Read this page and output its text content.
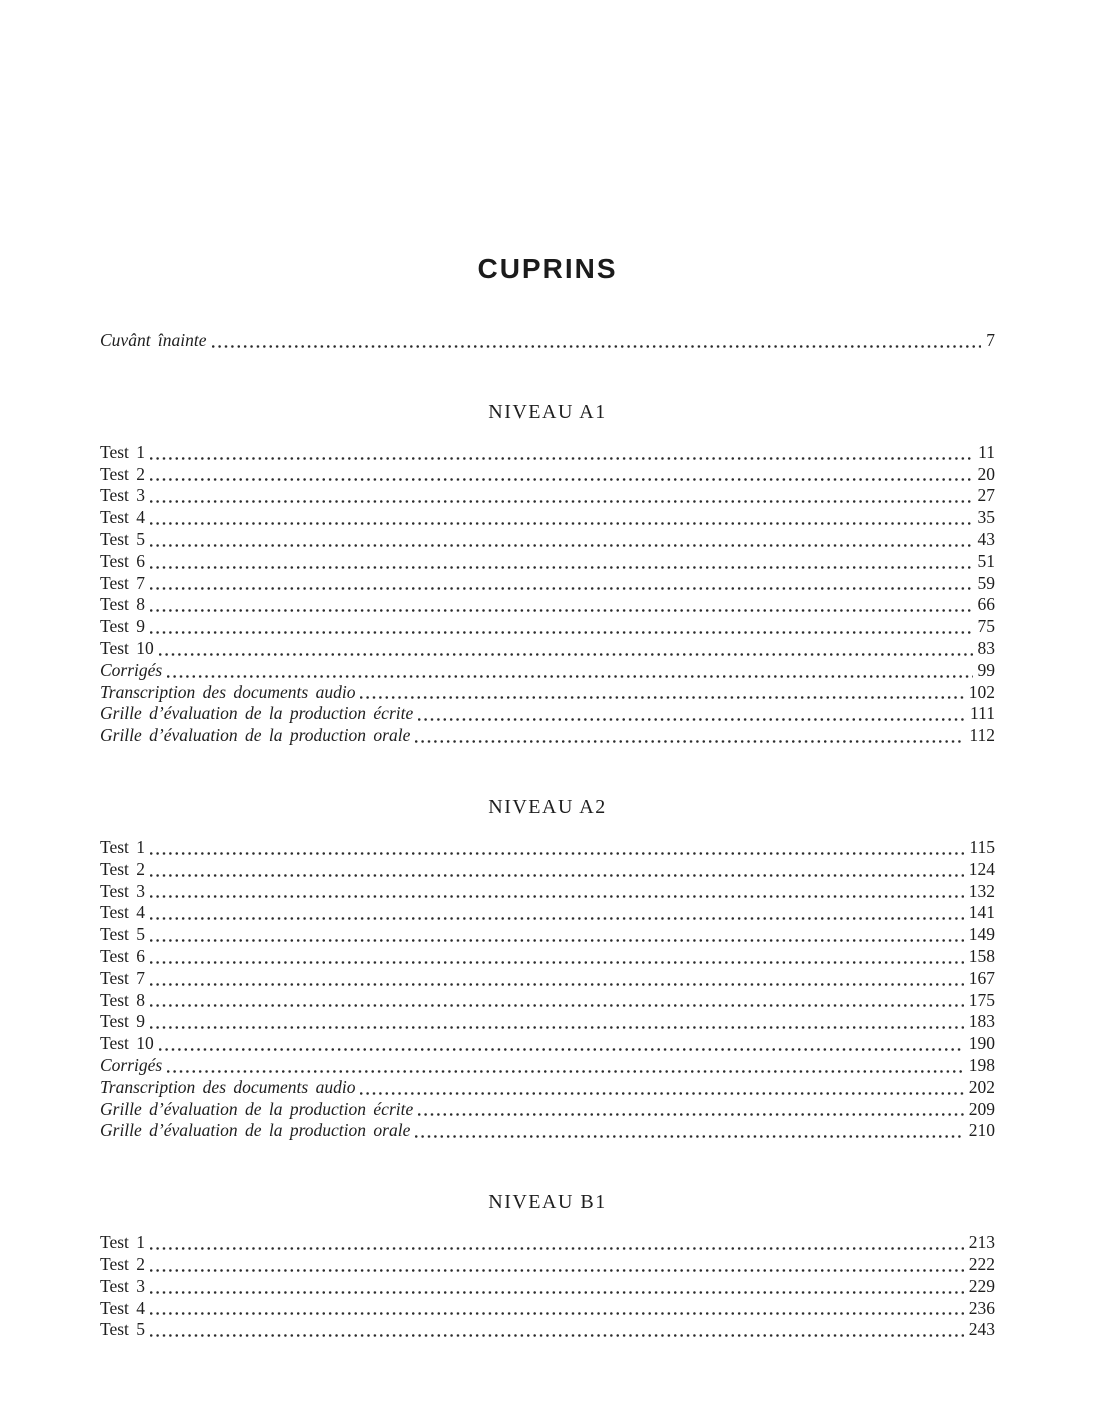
CUPRINS
Cuvânt înainte	7
NIVEAU A1
Test 1	11
Test 2	20
Test 3	27
Test 4	35
Test 5	43
Test 6	51
Test 7	59
Test 8	66
Test 9	75
Test 10	83
Corrigés	99
Transcription des documents audio	102
Grille d’évaluation de la production écrite	111
Grille d’évaluation de la production orale	112
NIVEAU A2
Test 1	115
Test 2	124
Test 3	132
Test 4	141
Test 5	149
Test 6	158
Test 7	167
Test 8	175
Test 9	183
Test 10	190
Corrigés	198
Transcription des documents audio	202
Grille d’évaluation de la production écrite	209
Grille d’évaluation de la production orale	210
NIVEAU B1
Test 1	213
Test 2	222
Test 3	229
Test 4	236
Test 5	243
